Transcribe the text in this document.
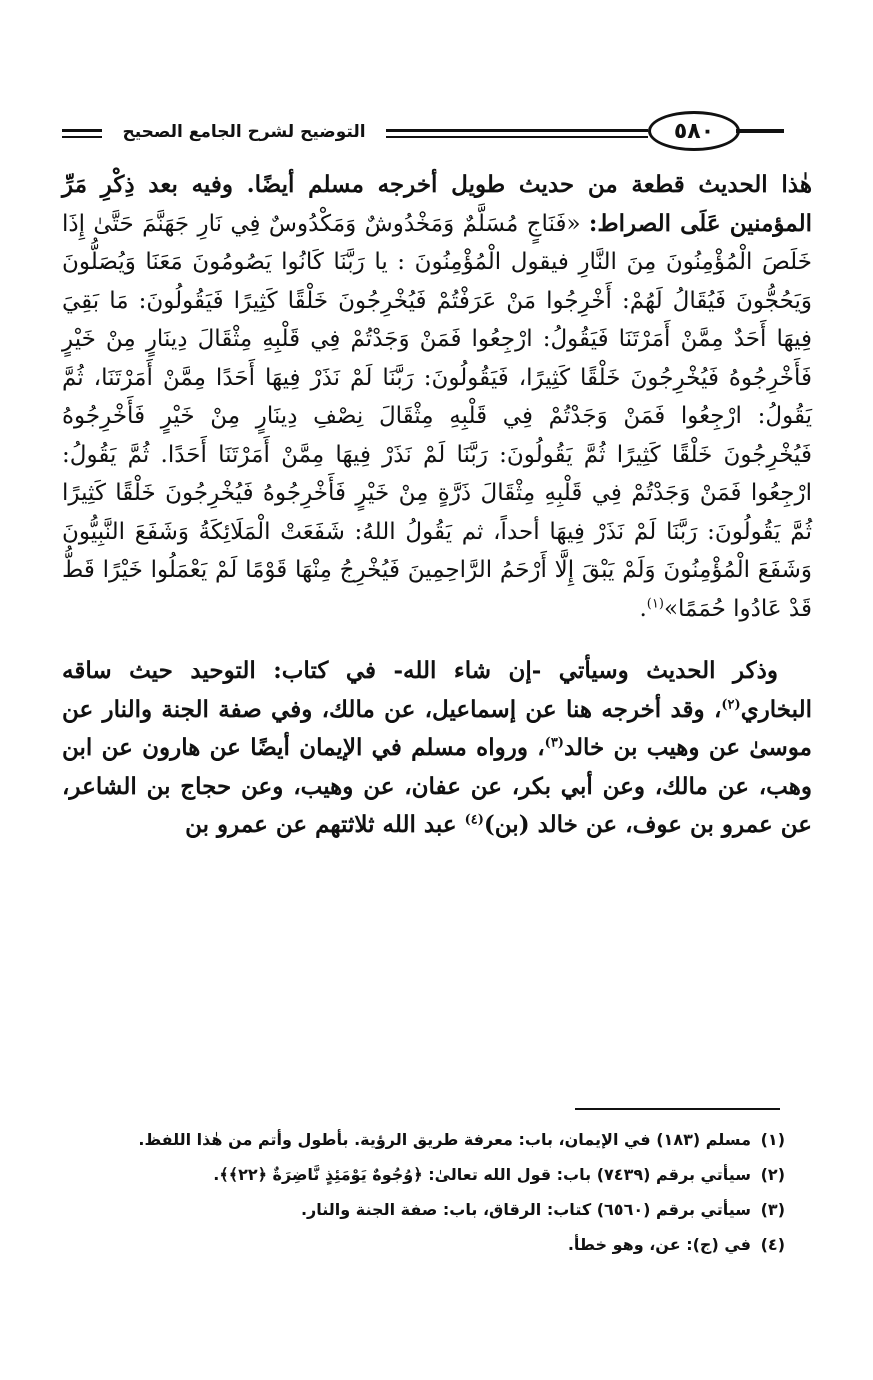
التوضيح لشرح الجامع الصحيح	٥٨٠

هٰذا الحديث قطعة من حديث طويل أخرجه مسلم أيضًا. وفيه بعد ذِكْرِ مَرِّ المؤمنين عَلَى الصراط: «فَنَاجٍ مُسَلَّمٌ وَمَخْدُوشٌ وَمَكْدُوسٌ فِي نَارِ جَهَنَّمَ حَتَّىٰ إِذَا خَلَصَ الْمُؤْمِنُونَ مِنَ النَّارِ فيقول الْمُؤْمِنُونَ : يا رَبَّنَا كَانُوا يَصُومُونَ مَعَنَا وَيُصَلُّونَ وَيَحُجُّونَ فَيُقَالُ لَهُمْ: أَخْرِجُوا مَنْ عَرَفْتُمْ فَيُخْرِجُونَ خَلْقًا كَثِيرًا فَيَقُولُونَ: مَا بَقِيَ فِيهَا أَحَدٌ مِمَّنْ أَمَرْتَنَا فَيَقُولُ: ارْجِعُوا فَمَنْ وَجَدْتُمْ فِي قَلْبِهِ مِثْقَالَ دِينَارٍ مِنْ خَيْرٍ فَأَخْرِجُوهُ فَيُخْرِجُونَ خَلْقًا كَثِيرًا، فَيَقُولُونَ: رَبَّنَا لَمْ نَذَرْ فِيهَا أَحَدًا مِمَّنْ أَمَرْتَنَا، ثُمَّ يَقُولُ: ارْجِعُوا فَمَنْ وَجَدْتُمْ فِي قَلْبِهِ مِثْقَالَ نِصْفِ دِينَارٍ مِنْ خَيْرٍ فَأَخْرِجُوهُ فَيُخْرِجُونَ خَلْقًا كَثِيرًا ثُمَّ يَقُولُونَ: رَبَّنَا لَمْ نَذَرْ فِيهَا مِمَّنْ أَمَرْتَنَا أَحَدًا. ثُمَّ يَقُولُ: ارْجِعُوا فَمَنْ وَجَدْتُمْ فِي قَلْبِهِ مِثْقَالَ ذَرَّةٍ مِنْ خَيْرٍ فَأَخْرِجُوهُ فَيُخْرِجُونَ خَلْقًا كَثِيرًا ثُمَّ يَقُولُونَ: رَبَّنَا لَمْ نَذَرْ فِيهَا أحداً، ثم يَقُولُ اللهُ: شَفَعَتْ الْمَلَائِكَةُ وَشَفَعَ النَّبِيُّونَ وَشَفَعَ الْمُؤْمِنُونَ وَلَمْ يَبْقَ إِلَّا أَرْحَمُ الرَّاحِمِينَ فَيُخْرِجُ مِنْهَا قَوْمًا لَمْ يَعْمَلُوا خَيْرًا قَطُّ قَدْ عَادُوا حُمَمًا»$^{(١)}$.

وذكر الحديث وسيأتي -إن شاء الله- في كتاب: التوحيد حيث ساقه البخاري$^{(٢)}$، وقد أخرجه هنا عن إسماعيل، عن مالك، وفي صفة الجنة والنار عن موسىٰ عن وهيب بن خالد$^{(٣)}$، ورواه مسلم في الإيمان أيضًا عن هارون عن ابن وهب، عن مالك، وعن أبي بكر، عن عفان، عن وهيب، وعن حجاج بن الشاعر، عن عمرو بن عوف، عن خالد (بن)$^{(٤)}$ عبد الله ثلاثتهم عن عمرو بن

(١)مسلم (١٨٣) في الإيمان، باب: معرفة طريق الرؤية. بأطول وأتم من هٰذا اللفظ.
(٢)سيأتي برقم (٧٤٣٩) باب: قول الله تعالىٰ: ﴿وُجُوهٌ يَوْمَئِذٍ نَّاضِرَةٌ ﴿٢٢﴾﴾.
(٣)سيأتي برقم (٦٥٦٠) كتاب: الرقاق، باب: صفة الجنة والنار.
(٤)في (ج): عن، وهو خطأ.
